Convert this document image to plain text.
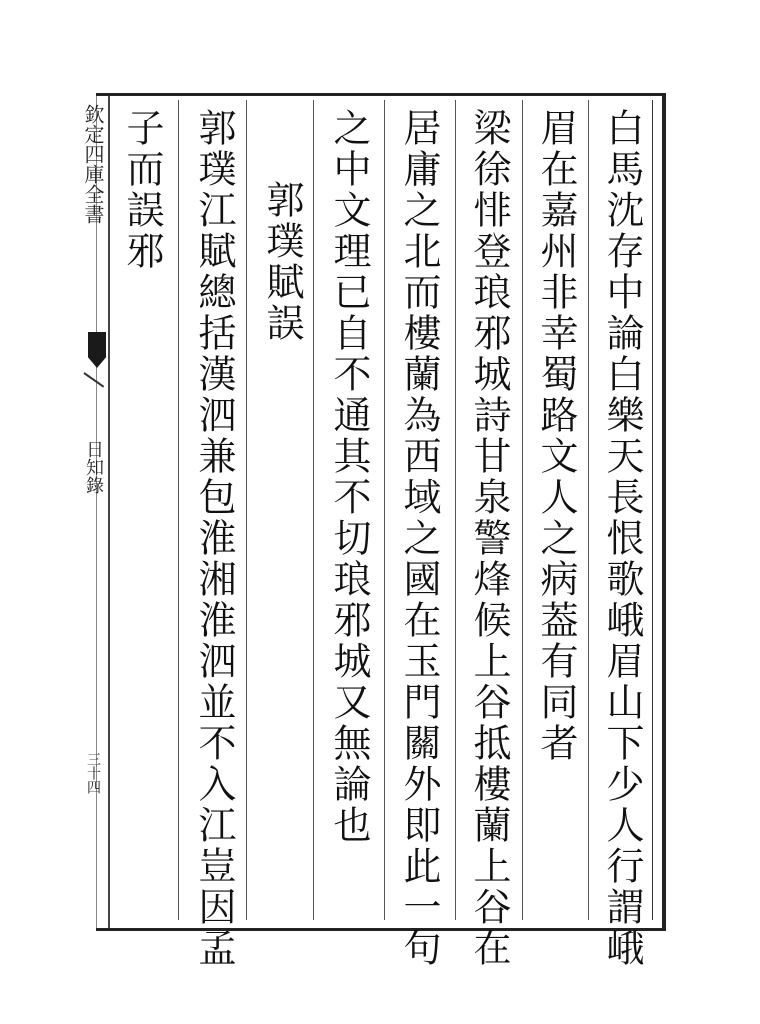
白馬沈存中論白樂天長恨歌峨眉山下少人行謂峨
眉在嘉州非幸蜀路文人之病葢有同者
梁徐悱登琅邪城詩甘泉警烽候上谷抵樓蘭上谷在
居庸之北而樓蘭為西域之國在玉門關外即此一句
之中文理已自不通其不切琅邪城又無論也
郭璞賦誤
郭璞江賦總括漢泗兼包淮湘淮泗並不入江豈因孟
子而誤邪
欽定四庫全書
日知錄
三十四
